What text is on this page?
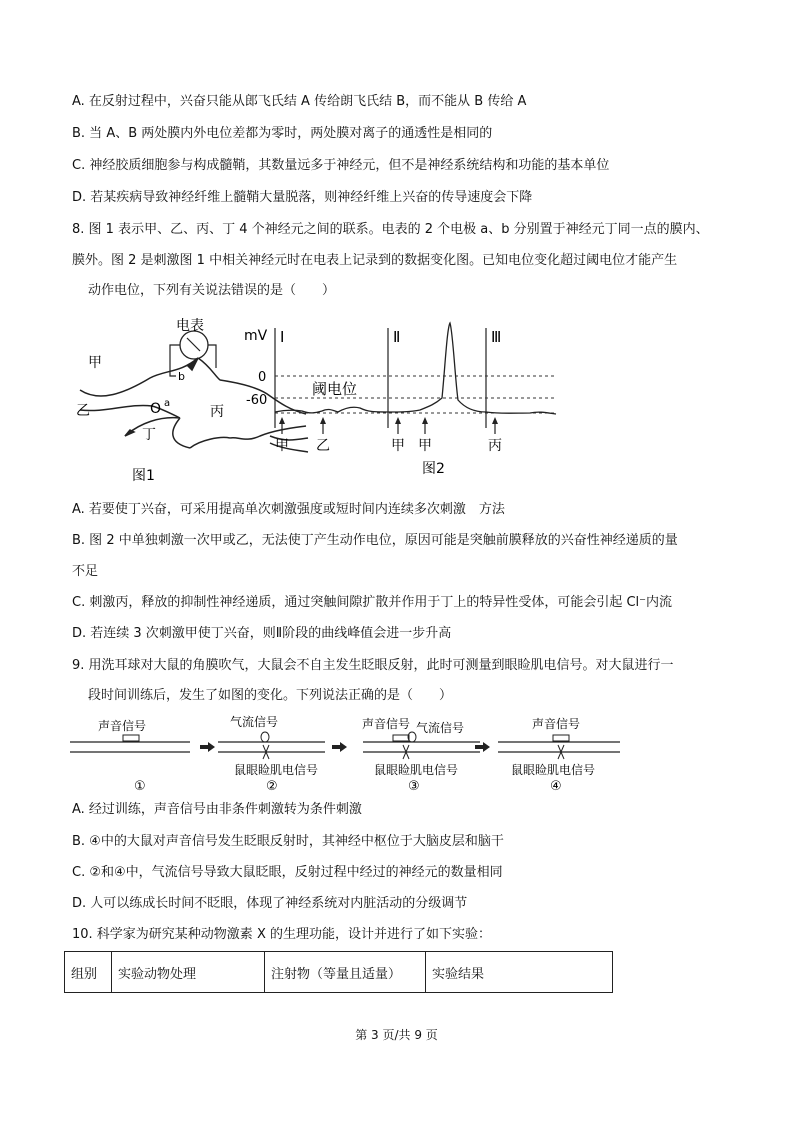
A. 在反射过程中，兴奋只能从郎飞氏结 A 传给朗飞氏结 B，而不能从 B 传给 A
B. 当 A、B 两处膜内外电位差都为零时，两处膜对离子的通透性是相同的
C. 神经胶质细胞参与构成髓鞘，其数量远多于神经元，但不是神经系统结构和功能的基本单位
D. 若某疾病导致神经纤维上髓鞘大量脱落，则神经纤维上兴奋的传导速度会下降
8. 图 1 表示甲、乙、丙、丁 4 个神经元之间的联系。电表的 2 个电极 a、b 分别置于神经元丁同一点的膜内、
膜外。图 2 是刺激图 1 中相关神经元时在电表上记录到的数据变化图。已知电位变化超过阈电位才能产生
动作电位，下列有关说法错误的是（　　）
电表
b
O a
甲
乙	丙
丁
图1
mV Ⅰ	Ⅱ	Ⅲ
0
-60
阈电位
甲 乙	甲 甲	丙
图2
A. 若要使丁兴奋，可采用提高单次刺激强度或短时间内连续多次刺激　方法
B. 图 2 中单独刺激一次甲或乙，无法使丁产生动作电位，原因可能是突触前膜释放的兴奋性神经递质的量
不足
C. 刺激丙，释放的抑制性神经递质，通过突触间隙扩散并作用于丁上的特异性受体，可能会引起 Cl⁻内流
D. 若连续 3 次刺激甲使丁兴奋，则Ⅱ阶段的曲线峰值会进一步升高
9. 用洗耳球对大鼠的角膜吹气，大鼠会不自主发生眨眼反射，此时可测量到眼睑肌电信号。对大鼠进行一
段时间训练后，发生了如图的变化。下列说法正确的是（　　）
声音信号	气流信号	声音信号 气流信号	声音信号
鼠眼睑肌电信号	鼠眼睑肌电信号	鼠眼睑肌电信号
①	②	③	④
A. 经过训练，声音信号由非条件刺激转为条件刺激
B. ④中的大鼠对声音信号发生眨眼反射时，其神经中枢位于大脑皮层和脑干
C. ②和④中，气流信号导致大鼠眨眼，反射过程中经过的神经元的数量相同
D. 人可以练成长时间不眨眼，体现了神经系统对内脏活动的分级调节
10. 科学家为研究某种动物激素 X 的生理功能，设计并进行了如下实验：
组别	实验动物处理	注射物（等量且适量）	实验结果
第 3 页/共 9 页
